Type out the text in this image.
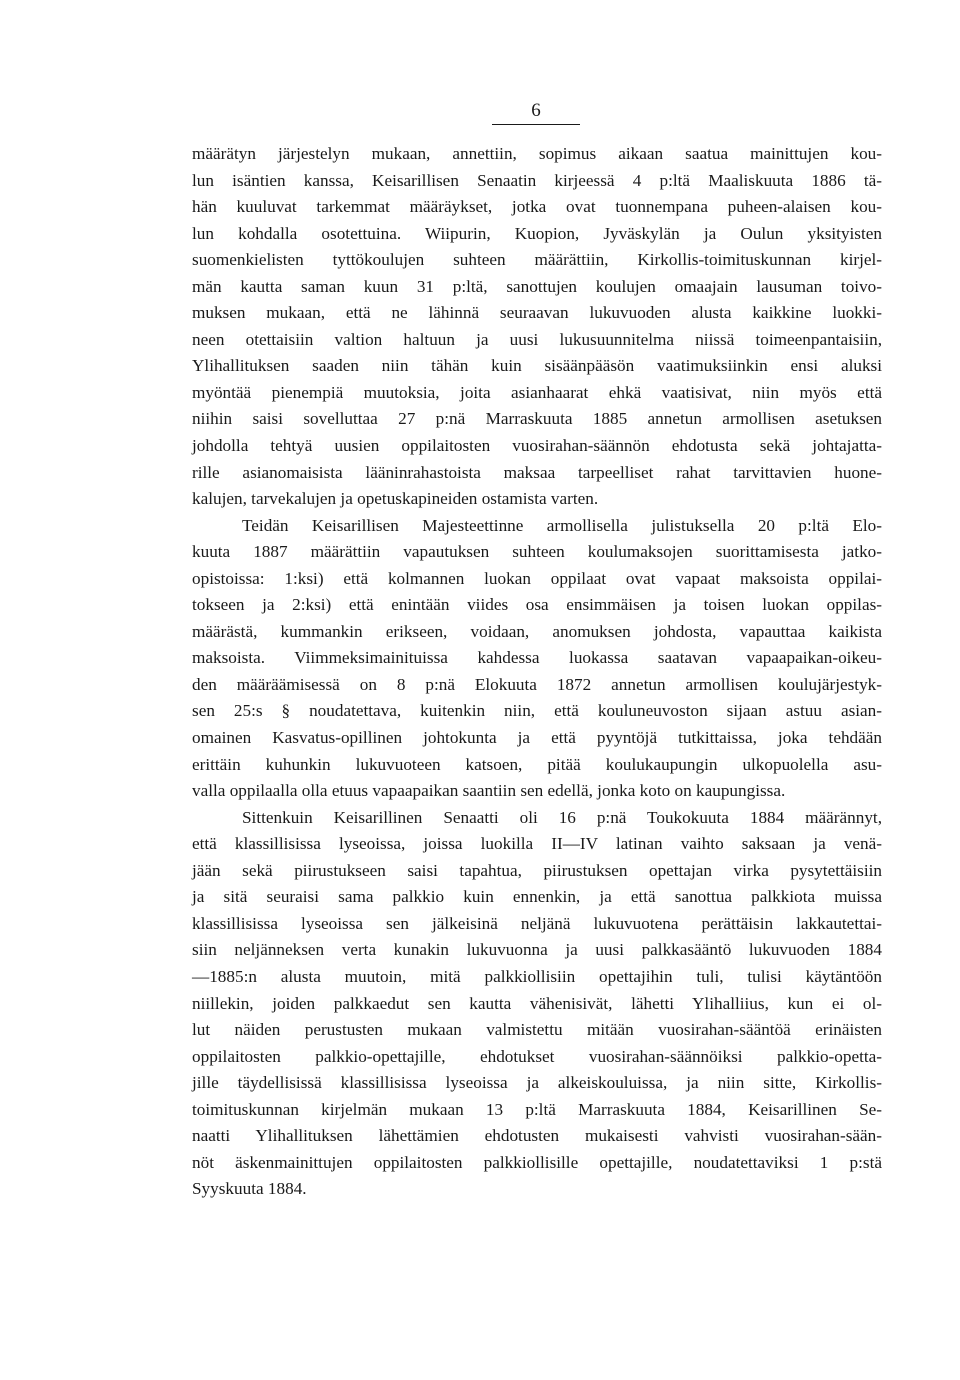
6
määrätyn järjestelyn mukaan, annettiin, sopimus aikaan saatua mainittujen kou-
lun isäntien kanssa, Keisarillisen Senaatin kirjeessä 4 p:ltä Maaliskuuta 1886 tä-
hän kuuluvat tarkemmat määräykset, jotka ovat tuonnempana puheen-alaisen kou-
lun kohdalla osotettuina. Wiipurin, Kuopion, Jyväskylän ja Oulun yksityisten
suomenkielisten tyttökoulujen suhteen määrättiin, Kirkollis-toimituskunnan kirjel-
män kautta saman kuun 31 p:ltä, sanottujen koulujen omaajain lausuman toivo-
muksen mukaan, että ne lähinnä seuraavan lukuvuoden alusta kaikkine luokki-
neen otettaisiin valtion haltuun ja uusi lukusuunnitelma niissä toimeenpantaisiin,
Ylihallituksen saaden niin tähän kuin sisäänpääsön vaatimuksiinkin ensi aluksi
myöntää pienempiä muutoksia, joita asianhaarat ehkä vaatisivat, niin myös että
niihin saisi sovelluttaa 27 p:nä Marraskuuta 1885 annetun armollisen asetuksen
johdolla tehtyä uusien oppilaitosten vuosirahan-säännön ehdotusta sekä johtajatta-
rille asianomaisista lääninrahastoista maksaa tarpeelliset rahat tarvittavien huone-
kalujen, tarvekalujen ja opetuskapineiden ostamista varten.
Teidän Keisarillisen Majesteettinne armollisella julistuksella 20 p:ltä Elo-
kuuta 1887 määrättiin vapautuksen suhteen koulumaksojen suorittamisesta jatko-
opistoissa: 1:ksi) että kolmannen luokan oppilaat ovat vapaat maksoista oppilai-
tokseen ja 2:ksi) että enintään viides osa ensimmäisen ja toisen luokan oppilas-
määrästä, kummankin erikseen, voidaan, anomuksen johdosta, vapauttaa kaikista
maksoista. Viimmeksimainituissa kahdessa luokassa saatavan vapaapaikan-oikeu-
den määräämisessä on 8 p:nä Elokuuta 1872 annetun armollisen koulujärjestyk-
sen 25:s § noudatettava, kuitenkin niin, että kouluneuvoston sijaan astuu asian-
omainen Kasvatus-opillinen johtokunta ja että pyyntöjä tutkittaissa, joka tehdään
erittäin kuhunkin lukuvuoteen katsoen, pitää koulukaupungin ulkopuolella asu-
valla oppilaalla olla etuus vapaapaikan saantiin sen edellä, jonka koto on kaupungissa.
Sittenkuin Keisarillinen Senaatti oli 16 p:nä Toukokuuta 1884 määrännyt,
että klassillisissa lyseoissa, joissa luokilla II—IV latinan vaihto saksaan ja venä-
jään sekä piirustukseen saisi tapahtua, piirustuksen opettajan virka pysytettäisiin
ja sitä seuraisi sama palkkio kuin ennenkin, ja että sanottua palkkiota muissa
klassillisissa lyseoissa sen jälkeisinä neljänä lukuvuotena perättäisin lakkautettai-
siin neljänneksen verta kunakin lukuvuonna ja uusi palkkasääntö lukuvuoden 1884
—1885:n alusta muutoin, mitä palkkiollisiin opettajihin tuli, tulisi käytäntöön
niillekin, joiden palkkaedut sen kautta vähenisivät, lähetti Ylihalliius, kun ei ol-
lut näiden perustusten mukaan valmistettu mitään vuosirahan-sääntöä erinäisten
oppilaitosten palkkio-opettajille, ehdotukset vuosirahan-säännöiksi palkkio-opetta-
jille täydellisissä klassillisissa lyseoissa ja alkeiskouluissa, ja niin sitte, Kirkollis-
toimituskunnan kirjelmän mukaan 13 p:ltä Marraskuuta 1884, Keisarillinen Se-
naatti Ylihallituksen lähettämien ehdotusten mukaisesti vahvisti vuosirahan-sään-
nöt äskenmainittujen oppilaitosten palkkiollisille opettajille, noudatettaviksi 1 p:stä
Syyskuuta 1884.
